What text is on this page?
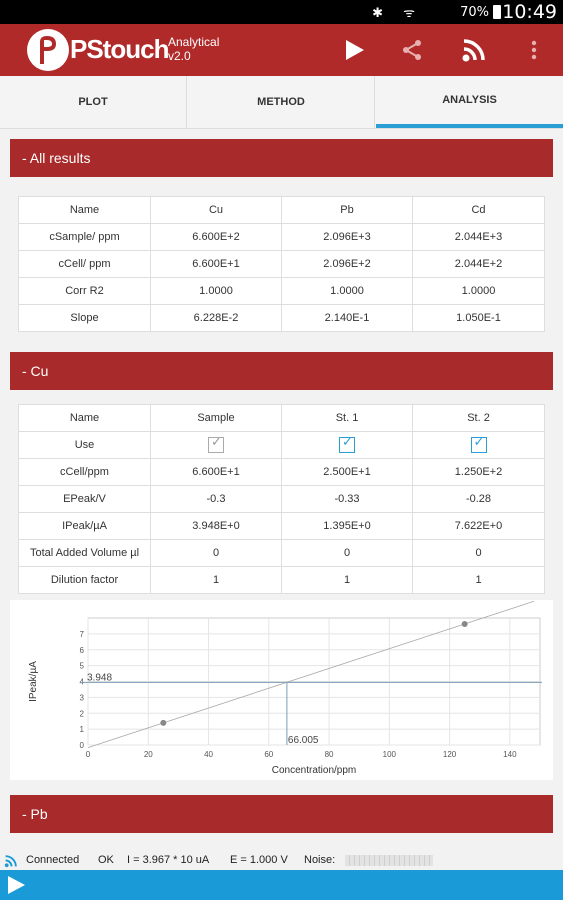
✱ ᯤ	70% 10:49
PStouch Analytical
v2.0
PLOT	METHOD	ANALYSIS
- All results
Name	Cu	Pb	Cd
cSample/ ppm	6.600E+2	2.096E+3	2.044E+3
cCell/ ppm	6.600E+1	2.096E+2	2.044E+2
Corr R2	1.0000	1.0000	1.0000
Slope	6.228E-2	2.140E-1	1.050E-1
- Cu
Name	Sample	St. 1	St. 2
Use	✓	✓	✓

cCell/ppm	6.600E+1	2.500E+1	1.250E+2
EPeak/V	-0.3	-0.33	-0.28
IPeak/µA	3.948E+0	1.395E+0	7.622E+0
Total Added Volume µl	0	0	0
Dilution factor	1	1	1
0	20	40	60	80	100	120	140
0
1
2
3
4
5
6
7
3.948
66.005
Concentration/ppm
IPeak/µA
- Pb
Connected OK I = 3.967 * 10 uA E = 1.000 V Noise:
